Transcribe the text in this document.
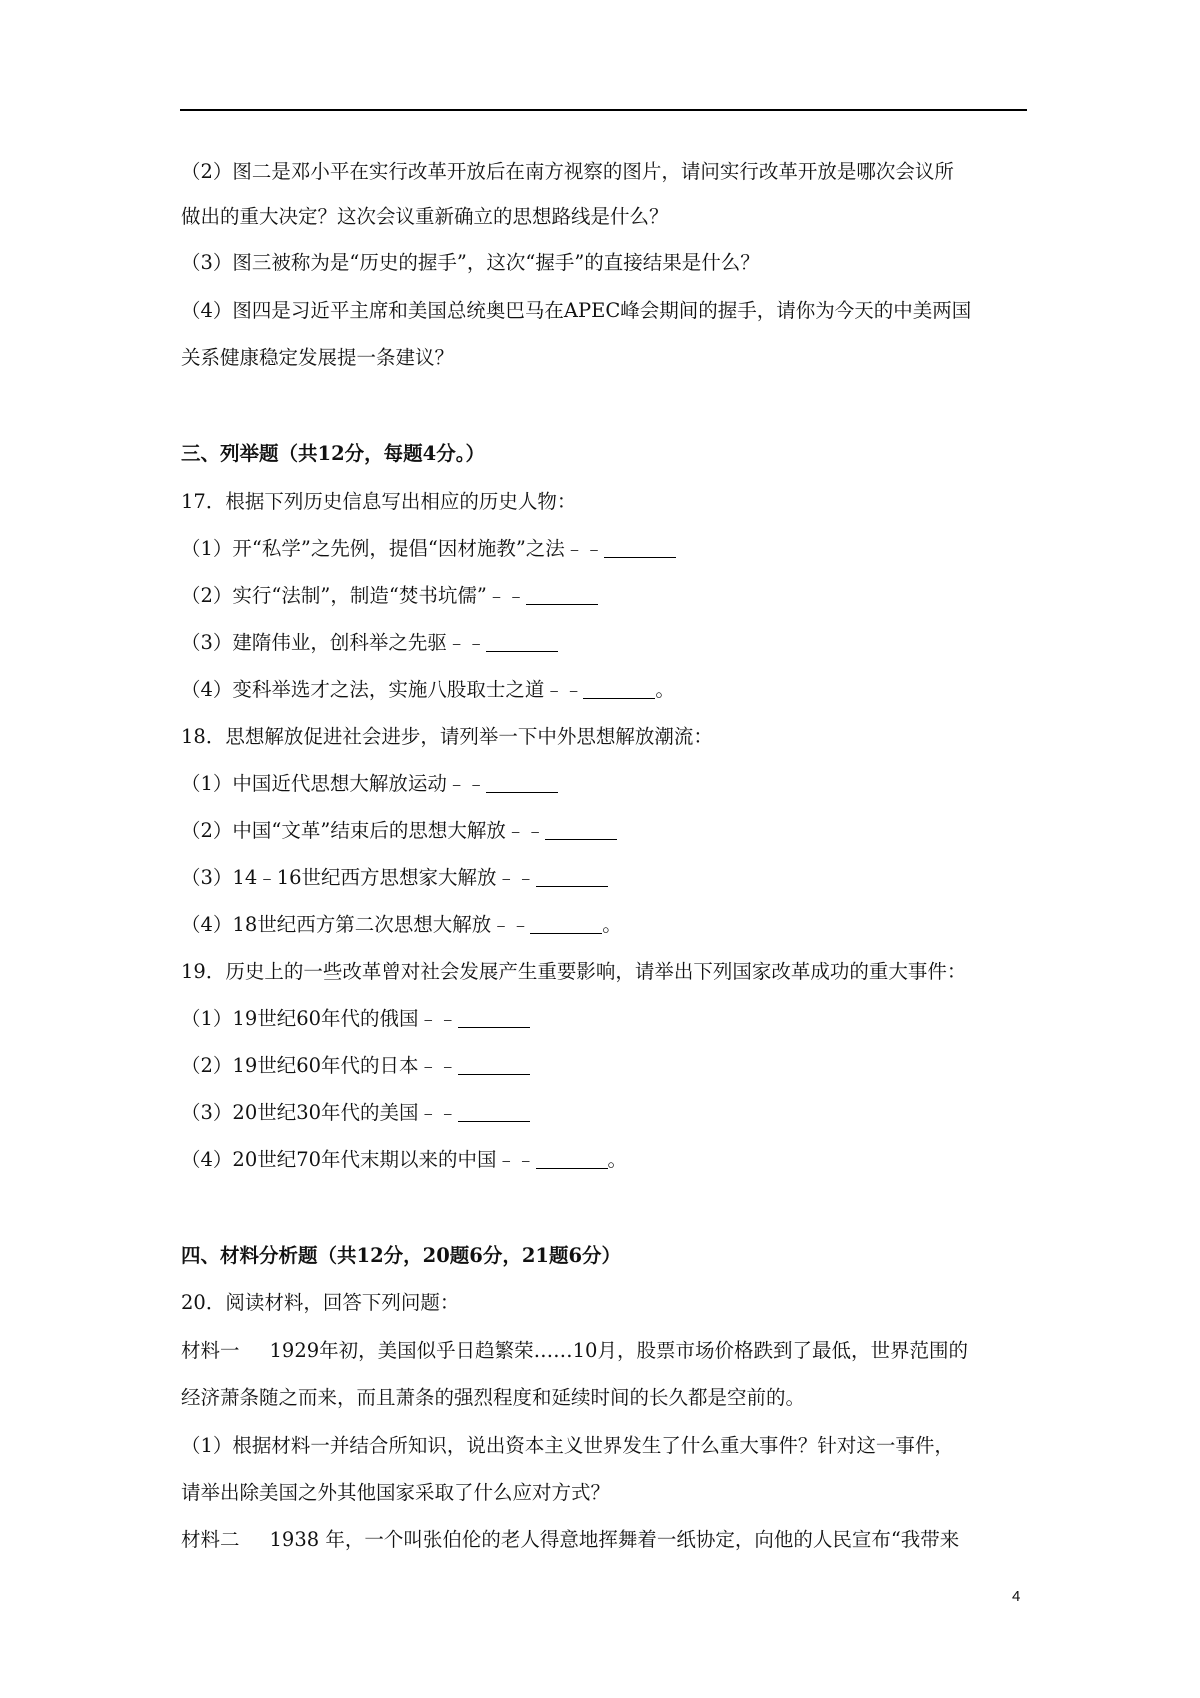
（2）图二是邓小平在实行改革开放后在南方视察的图片，请问实行改革开放是哪次会议所
做出的重大决定？这次会议重新确立的思想路线是什么？
（3）图三被称为是“历史的握手”，这次“握手”的直接结果是什么？
（4）图四是习近平主席和美国总统奥巴马在APEC峰会期间的握手，请你为今天的中美两国
关系健康稳定发展提一条建议？
三、列举题（共12分，每题4分。）
17．根据下列历史信息写出相应的历史人物：
（1）开“私学”之先例，提倡“因材施教”之法﹣﹣
（2）实行“法制”，制造“焚书坑儒”﹣﹣
（3）建隋伟业，创科举之先驱﹣﹣
（4）变科举选才之法，实施八股取士之道﹣﹣	。
18．思想解放促进社会进步，请列举一下中外思想解放潮流：
（1）中国近代思想大解放运动﹣﹣
（2）中国“文革”结束后的思想大解放﹣﹣
（3）14﹣16世纪西方思想家大解放﹣﹣
（4）18世纪西方第二次思想大解放﹣﹣	。
19．历史上的一些改革曾对社会发展产生重要影响，请举出下列国家改革成功的重大事件：
（1）19世纪60年代的俄国﹣﹣
（2）19世纪60年代的日本﹣﹣
（3）20世纪30年代的美国﹣﹣
（4）20世纪70年代末期以来的中国﹣﹣	。
四、材料分析题（共12分，20题6分，21题6分）
20．阅读材料，回答下列问题：
材料一 1929年初，美国似乎日趋繁荣……10月，股票市场价格跌到了最低，世界范围的
经济萧条随之而来，而且萧条的强烈程度和延续时间的长久都是空前的。
（1）根据材料一并结合所知识，说出资本主义世界发生了什么重大事件？针对这一事件，
请举出除美国之外其他国家采取了什么应对方式？
材料二 1938 年，一个叫张伯伦的老人得意地挥舞着一纸协定，向他的人民宣布“我带来
4
